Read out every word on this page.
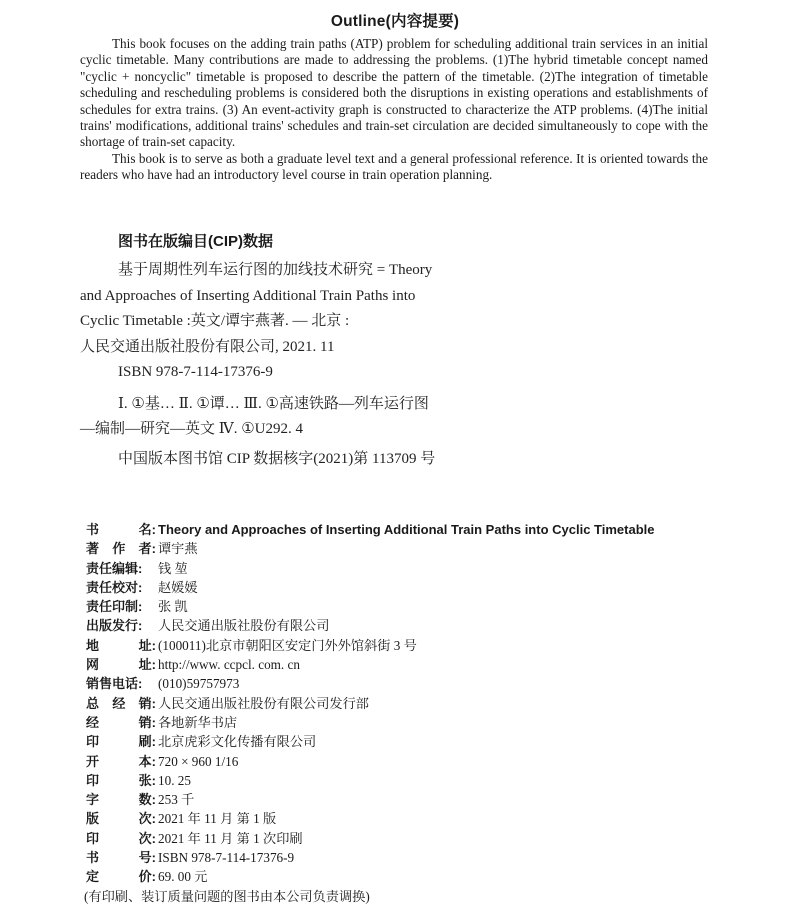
Outline(内容提要)

This book focuses on the adding train paths (ATP) problem for scheduling additional train services in an initial cyclic timetable. Many contributions are made to addressing the problems. (1)The hybrid timetable concept named "cyclic + noncyclic" timetable is proposed to describe the pattern of the timetable. (2)The integration of timetable scheduling and rescheduling problems is considered both the disruptions in existing operations and establishments of schedules for extra trains. (3) An event-activity graph is constructed to characterize the ATP problems. (4)The initial trains' modifications, additional trains' schedules and train-set circulation are decided simultaneously to cope with the shortage of train-set capacity.

This book is to serve as both a graduate level text and a general professional reference. It is oriented towards the readers who have had an introductory level course in train operation planning.

图书在版编目(CIP)数据
基于周期性列车运行图的加线技术研究 = Theory
and Approaches of Inserting Additional Train Paths into
Cyclic Timetable :英文/谭宇燕著. — 北京 :
人民交通出版社股份有限公司, 2021. 11
ISBN 978-7-114-17376-9
Ⅰ. ①基… Ⅱ. ①谭… Ⅲ. ①高速铁路—列车运行图
—编制—研究—英文 Ⅳ. ①U292. 4
中国版本图书馆 CIP 数据核字(2021)第 113709 号
书	名: Theory and Approaches of Inserting Additional Train Paths into Cyclic Timetable
著 作 者: 谭宇燕
责任编辑: 钱 堃
责任校对: 赵媛媛
责任印制: 张 凯
出版发行: 人民交通出版社股份有限公司
地	址: (100011)北京市朝阳区安定门外外馆斜街 3 号
网	址: http://www. ccpcl. com. cn
销售电话: (010)59757973
总 经 销: 人民交通出版社股份有限公司发行部
经	销: 各地新华书店
印	刷: 北京虎彩文化传播有限公司
开	本: 720 × 960 1/16
印	张: 10. 25
字	数: 253 千
版	次: 2021 年 11 月 第 1 版
印	次: 2021 年 11 月 第 1 次印刷
书	号: ISBN 978-7-114-17376-9
定	价: 69. 00 元
(有印刷、装订质量问题的图书由本公司负责调换)
